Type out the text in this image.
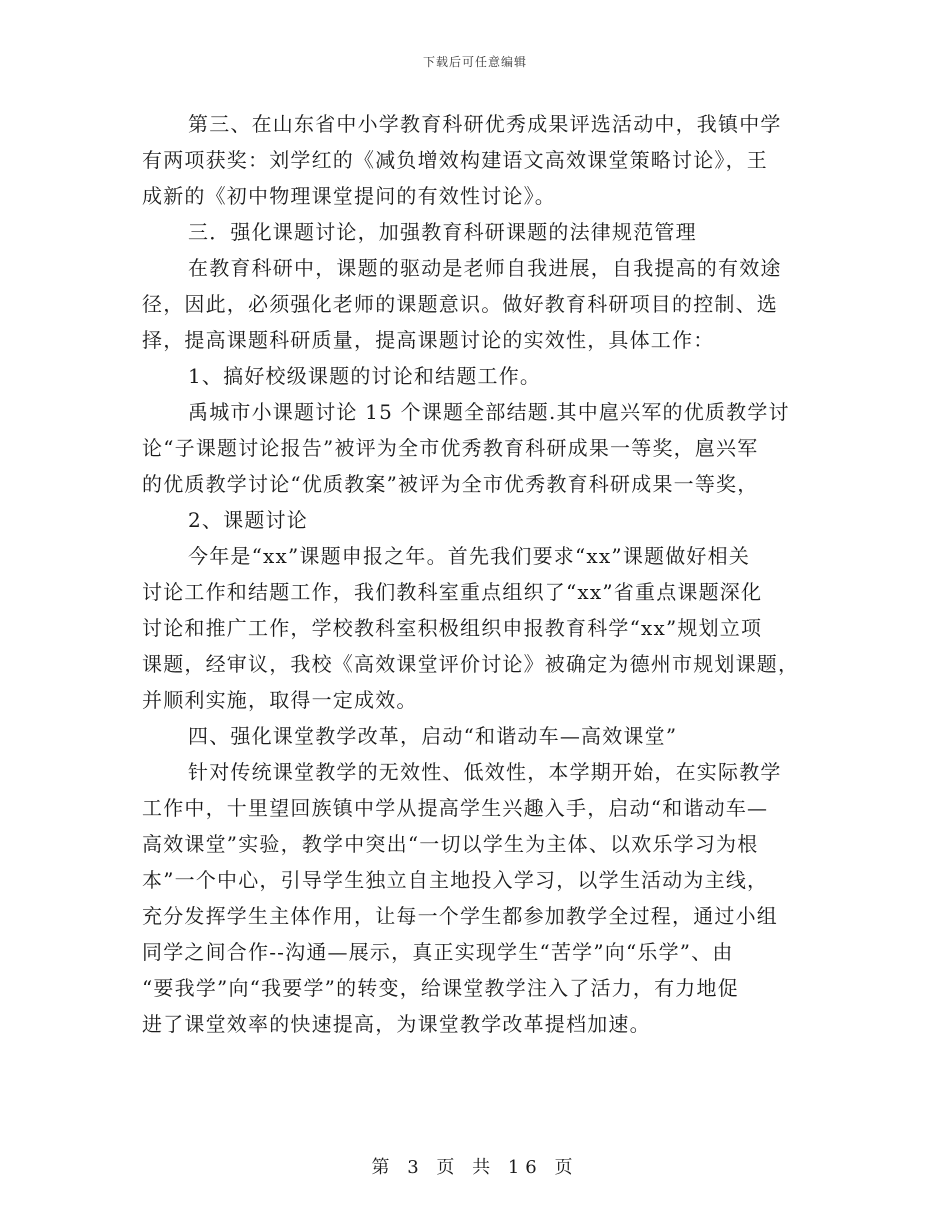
下载后可任意编辑
第三、在山东省中小学教育科研优秀成果评选活动中，我镇中学
有两项获奖：刘学红的《减负增效构建语文高效课堂策略讨论》，王
成新的《初中物理课堂提问的有效性讨论》。
三．强化课题讨论，加强教育科研课题的法律规范管理
在教育科研中，课题的驱动是老师自我进展，自我提高的有效途
径，因此，必须强化老师的课题意识。做好教育科研项目的控制、选
择，提高课题科研质量，提高课题讨论的实效性，具体工作：
1、搞好校级课题的讨论和结题工作。
禹城市小课题讨论 15 个课题全部结题.其中扈兴军的优质教学讨
论“子课题讨论报告”被评为全市优秀教育科研成果一等奖，扈兴军
的优质教学讨论“优质教案”被评为全市优秀教育科研成果一等奖，
2、课题讨论
今年是“xx”课题申报之年。首先我们要求“xx”课题做好相关
讨论工作和结题工作，我们教科室重点组织了“xx”省重点课题深化
讨论和推广工作，学校教科室积极组织申报教育科学“xx”规划立项
课题，经审议，我校《高效课堂评价讨论》被确定为德州市规划课题，
并顺利实施，取得一定成效。
四、强化课堂教学改革，启动“和谐动车—高效课堂”
针对传统课堂教学的无效性、低效性，本学期开始，在实际教学
工作中，十里望回族镇中学从提高学生兴趣入手，启动“和谐动车—
高效课堂”实验，教学中突出“一切以学生为主体、以欢乐学习为根
本”一个中心，引导学生独立自主地投入学习，以学生活动为主线，
充分发挥学生主体作用，让每一个学生都参加教学全过程，通过小组
同学之间合作--沟通—展示，真正实现学生“苦学”向“乐学”、由
“要我学”向“我要学”的转变，给课堂教学注入了活力，有力地促
进了课堂效率的快速提高，为课堂教学改革提档加速。
第 3 页 共 16 页
